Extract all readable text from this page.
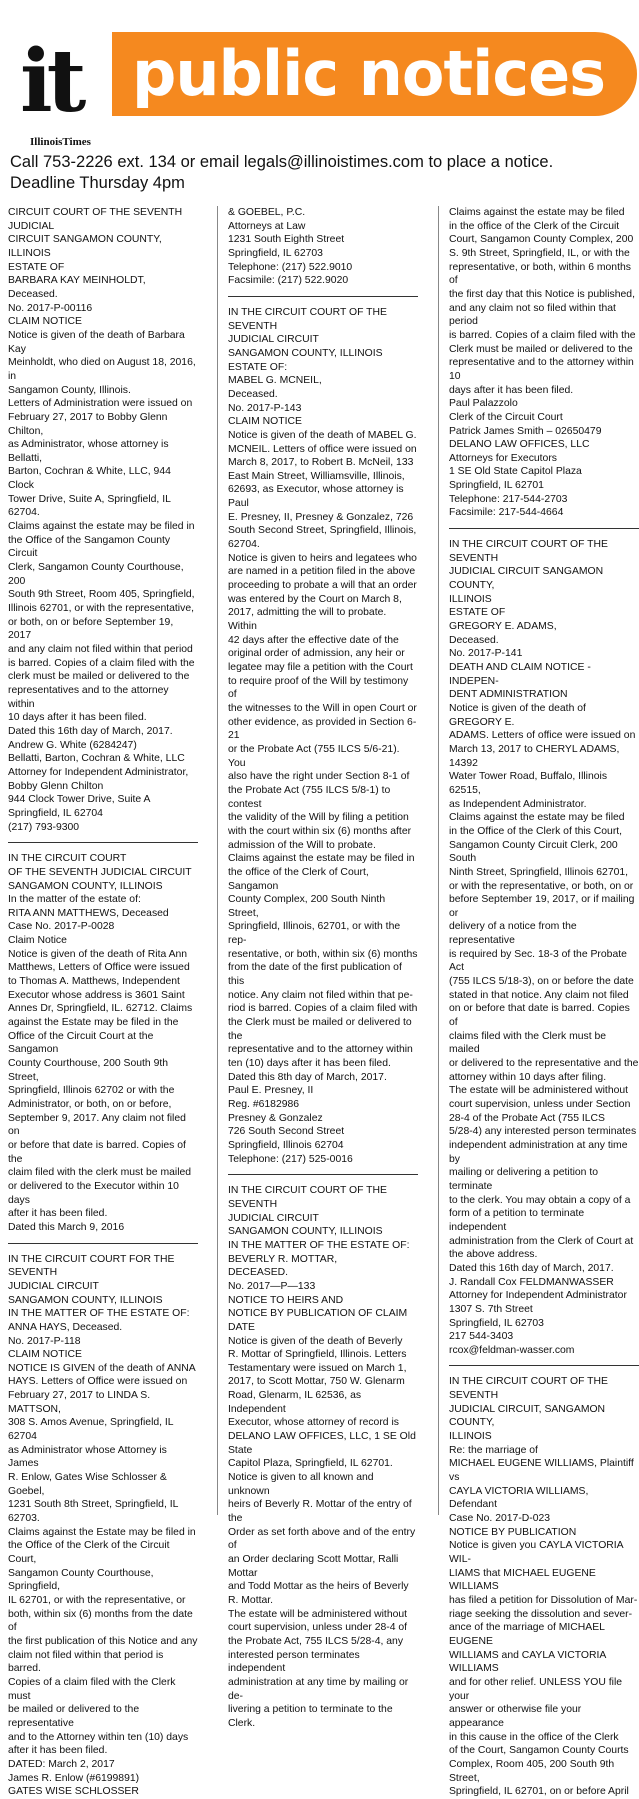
public notices
it
IllinoisTimes
Call 753-2226 ext. 134 or email legals@illinoistimes.com to place a notice.
Deadline Thursday 4pm

CIRCUIT COURT OF THE SEVENTH JUDICIAL

CIRCUIT SANGAMON COUNTY, ILLINOIS

ESTATE OF

BARBARA KAY MEINHOLDT,

Deceased.

No. 2017-P-00116

CLAIM NOTICE

Notice is given of the death of Barbara Kay

Meinholdt, who died on August 18, 2016, in

Sangamon County, Illinois.

Letters of Administration were issued on

February 27, 2017 to Bobby Glenn Chilton,

as Administrator, whose attorney is Bellatti,

Barton, Cochran & White, LLC, 944 Clock

Tower Drive, Suite A, Springfield, IL 62704.

Claims against the estate may be filed in

the Office of the Sangamon County Circuit

Clerk, Sangamon County Courthouse, 200

South 9th Street, Room 405, Springfield,

Illinois 62701, or with the representative,

or both, on or before September 19, 2017

and any claim not filed within that period

is barred. Copies of a claim filed with the

clerk must be mailed or delivered to the

representatives and to the attorney within

10 days after it has been filed.

Dated this 16th day of March, 2017.

Andrew G. White (6284247)

Bellatti, Barton, Cochran & White, LLC

Attorney for Independent Administrator,

Bobby Glenn Chilton

944 Clock Tower Drive, Suite A

Springfield, IL 62704

(217) 793-9300

IN THE CIRCUIT COURT

OF THE SEVENTH JUDICIAL CIRCUIT

SANGAMON COUNTY, ILLINOIS

In the matter of the estate of:

RITA ANN MATTHEWS, Deceased

Case No. 2017-P-0028

Claim Notice

Notice is given of the death of Rita Ann

Matthews, Letters of Office were issued

to Thomas A. Matthews, Independent

Executor whose address is 3601 Saint

Annes Dr, Springfield, IL. 62712. Claims

against the Estate may be filed in the

Office of the Circuit Court at the Sangamon

County Courthouse, 200 South 9th Street,

Springfield, Illinois 62702 or with the

Administrator, or both, on or before,

September 9, 2017. Any claim not filed on

or before that date is barred. Copies of the

claim filed with the clerk must be mailed

or delivered to the Executor within 10 days

after it has been filed.

Dated this March 9, 2016

IN THE CIRCUIT COURT FOR THE SEVENTH

JUDICIAL CIRCUIT

SANGAMON COUNTY, ILLINOIS

IN THE MATTER OF THE ESTATE OF:

ANNA HAYS, Deceased.

No. 2017-P-118

CLAIM NOTICE

NOTICE IS GIVEN of the death of ANNA

HAYS. Letters of Office were issued on

February 27, 2017 to LINDA S. MATTSON,

308 S. Amos Avenue, Springfield, IL 62704

as Administrator whose Attorney is James

R. Enlow, Gates Wise Schlosser & Goebel,

1231 South 8th Street, Springfield, IL

62703.

Claims against the Estate may be filed in

the Office of the Clerk of the Circuit Court,

Sangamon County Courthouse, Springfield,

IL 62701, or with the representative, or

both, within six (6) months from the date of

the first publication of this Notice and any

claim not filed within that period is barred.

Copies of a claim filed with the Clerk must

be mailed or delivered to the representative

and to the Attorney within ten (10) days

after it has been filed.

DATED: March 2, 2017

James R. Enlow (#6199891)

GATES WISE SCHLOSSER

& GOEBEL, P.C.

Attorneys at Law

1231 South Eighth Street

Springfield, IL 62703

Telephone: (217) 522.9010

Facsimile: (217) 522.9020

IN THE CIRCUIT COURT OF THE SEVENTH

JUDICIAL CIRCUIT

SANGAMON COUNTY, ILLINOIS

ESTATE OF:

MABEL G. MCNEIL,

Deceased.

No. 2017-P-143

CLAIM NOTICE

Notice is given of the death of MABEL G.

MCNEIL. Letters of office were issued on

March 8, 2017, to Robert B. McNeil, 133

East Main Street, Williamsville, Illinois,

62693, as Executor, whose attorney is Paul

E. Presney, II, Presney & Gonzalez, 726

South Second Street, Springfield, Illinois,

62704.

Notice is given to heirs and legatees who

are named in a petition filed in the above

proceeding to probate a will that an order

was entered by the Court on March 8,

2017, admitting the will to probate. Within

42 days after the effective date of the

original order of admission, any heir or

legatee may file a petition with the Court

to require proof of the Will by testimony of

the witnesses to the Will in open Court or

other evidence, as provided in Section 6-21

or the Probate Act (755 ILCS 5/6-21). You

also have the right under Section 8-1 of

the Probate Act (755 ILCS 5/8-1) to contest

the validity of the Will by filing a petition

with the court within six (6) months after

admission of the Will to probate.

Claims against the estate may be filed in

the office of the Clerk of Court, Sangamon

County Complex, 200 South Ninth Street,

Springfield, Illinois, 62701, or with the rep-

resentative, or both, within six (6) months

from the date of the first publication of this

notice. Any claim not filed within that pe-

riod is barred. Copies of a claim filed with

the Clerk must be mailed or delivered to the

representative and to the attorney within

ten (10) days after it has been filed.

Dated this 8th day of March, 2017.

Paul E. Presney, II

Reg. #6182986

Presney & Gonzalez

726 South Second Street

Springfield, Illinois 62704

Telephone: (217) 525-0016

IN THE CIRCUIT COURT OF THE SEVENTH

JUDICIAL CIRCUIT

SANGAMON COUNTY, ILLINOIS

IN THE MATTER OF THE ESTATE OF:

BEVERLY R. MOTTAR,

DECEASED.

No. 2017—P—133

NOTICE TO HEIRS AND

NOTICE BY PUBLICATION OF CLAIM DATE

Notice is given of the death of Beverly

R. Mottar of Springfield, Illinois. Letters

Testamentary were issued on March 1,

2017, to Scott Mottar, 750 W. Glenarm

Road, Glenarm, IL 62536, as Independent

Executor, whose attorney of record is

DELANO LAW OFFICES, LLC, 1 SE Old State

Capitol Plaza, Springfield, IL 62701.

Notice is given to all known and unknown

heirs of Beverly R. Mottar of the entry of the

Order as set forth above and of the entry of

an Order declaring Scott Mottar, Ralli Mottar

and Todd Mottar as the heirs of Beverly

R. Mottar.

The estate will be administered without

court supervision, unless under 28-4 of

the Probate Act, 755 ILCS 5/28-4, any

interested person terminates independent

administration at any time by mailing or de-

livering a petition to terminate to the Clerk.

Claims against the estate may be filed

in the office of the Clerk of the Circuit

Court, Sangamon County Complex, 200

S. 9th Street, Springfield, IL, or with the

representative, or both, within 6 months of

the first day that this Notice is published,

and any claim not so filed within that period

is barred. Copies of a claim filed with the

Clerk must be mailed or delivered to the

representative and to the attorney within 10

days after it has been filed.

Paul Palazzolo

Clerk of the Circuit Court

Patrick James Smith – 02650479

DELANO LAW OFFICES, LLC

Attorneys for Executors

1 SE Old State Capitol Plaza

Springfield, IL 62701

Telephone: 217-544-2703

Facsimile: 217-544-4664

IN THE CIRCUIT COURT OF THE SEVENTH

JUDICIAL CIRCUIT SANGAMON COUNTY,

ILLINOIS

ESTATE OF

GREGORY E. ADAMS,

Deceased.

No. 2017-P-141

DEATH AND CLAIM NOTICE - INDEPEN-

DENT ADMINISTRATION

Notice is given of the death of GREGORY E.

ADAMS. Letters of office were issued on

March 13, 2017 to CHERYL ADAMS, 14392

Water Tower Road, Buffalo, Illinois 62515,

as Independent Administrator.

Claims against the estate may be filed

in the Office of the Clerk of this Court,

Sangamon County Circuit Clerk, 200 South

Ninth Street, Springfield, Illinois 62701,

or with the representative, or both, on or

before September 19, 2017, or if mailing or

delivery of a notice from the representative

is required by Sec. 18-3 of the Probate Act

(755 ILCS 5/18-3), on or before the date

stated in that notice. Any claim not filed

on or before that date is barred. Copies of

claims filed with the Clerk must be mailed

or delivered to the representative and the

attorney within 10 days after filing.

The estate will be administered without

court supervision, unless under Section

28-4 of the Probate Act (755 ILCS

5/28-4) any interested person terminates

independent administration at any time by

mailing or delivering a petition to terminate

to the clerk. You may obtain a copy of a

form of a petition to terminate independent

administration from the Clerk of Court at

the above address.

Dated this 16th day of March, 2017.

J. Randall Cox FELDMANWASSER

Attorney for Independent Administrator

1307 S. 7th Street

Springfield, IL 62703

217 544-3403

rcox@feldman-wasser.com

IN THE CIRCUIT COURT OF THE SEVENTH

JUDICIAL CIRCUIT, SANGAMON COUNTY,

ILLINOIS

Re: the marriage of

MICHAEL EUGENE WILLIAMS, Plaintiff

vs

CAYLA VICTORIA WILLIAMS, Defendant

Case No. 2017-D-023

NOTICE BY PUBLICATION

Notice is given you CAYLA VICTORIA WIL-

LIAMS that MICHAEL EUGENE WILLIAMS

has filed a petition for Dissolution of Mar-

riage seeking the dissolution and sever-

ance of the marriage of MICHAEL EUGENE

WILLIAMS and CAYLA VICTORIA WILLIAMS

and for other relief. UNLESS YOU file your

answer or otherwise file your appearance

in this cause in the office of the Clerk

of the Court, Sangamon County Courts

Complex, Room 405, 200 South 9th Street,

Springfield, IL 62701, on or before April
